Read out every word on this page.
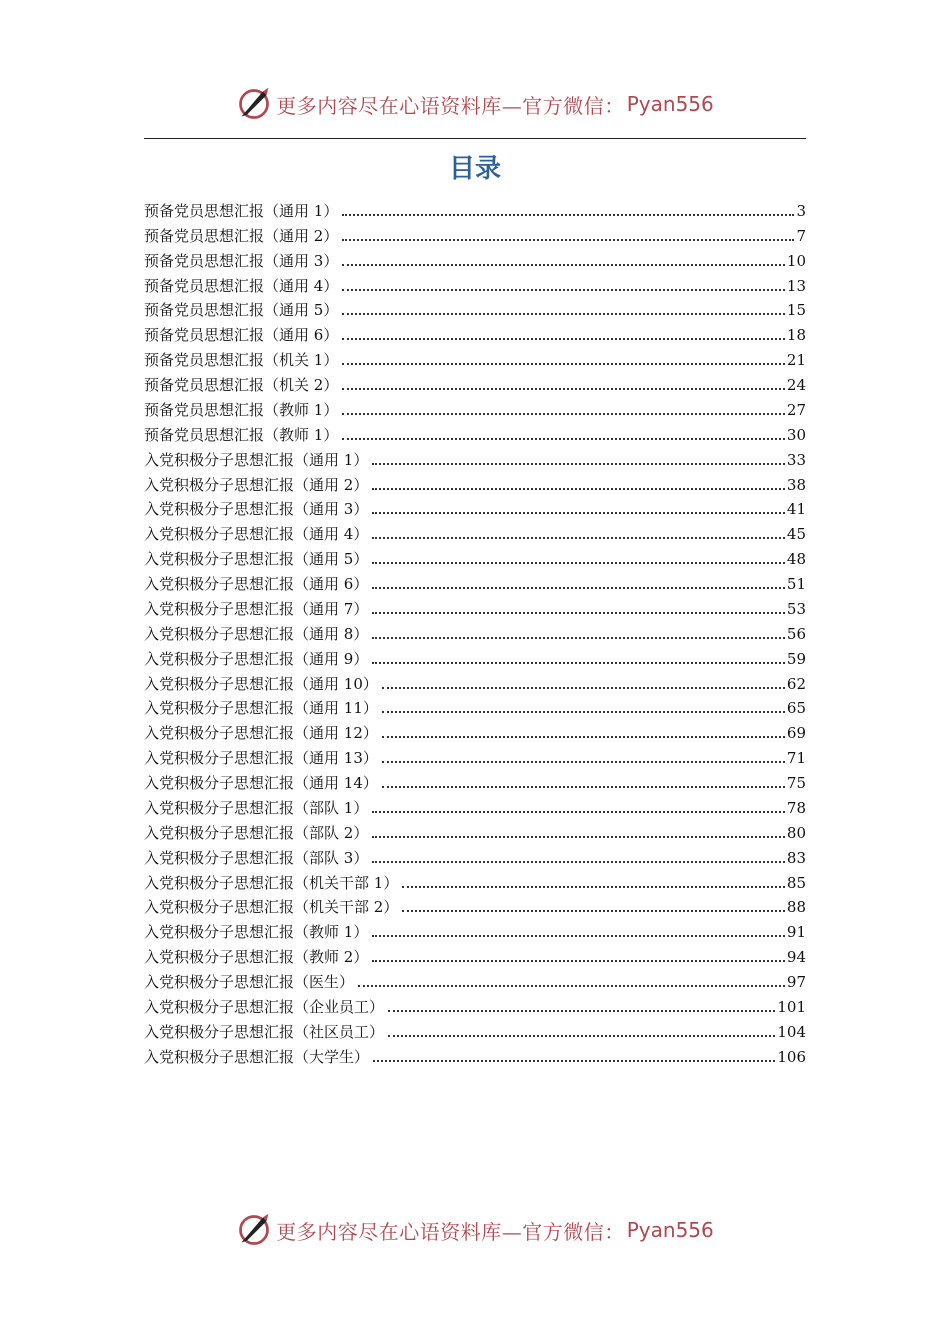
更多内容尽在心语资料库—官方微信： Pyan556
目录
预备党员思想汇报（通用 1）	3
预备党员思想汇报（通用 2）	7
预备党员思想汇报（通用 3）	10
预备党员思想汇报（通用 4）	13
预备党员思想汇报（通用 5）	15
预备党员思想汇报（通用 6）	18
预备党员思想汇报（机关 1）	21
预备党员思想汇报（机关 2）	24
预备党员思想汇报（教师 1）	27
预备党员思想汇报（教师 1）	30
入党积极分子思想汇报（通用 1）	33
入党积极分子思想汇报（通用 2）	38
入党积极分子思想汇报（通用 3）	41
入党积极分子思想汇报（通用 4）	45
入党积极分子思想汇报（通用 5）	48
入党积极分子思想汇报（通用 6）	51
入党积极分子思想汇报（通用 7）	53
入党积极分子思想汇报（通用 8）	56
入党积极分子思想汇报（通用 9）	59
入党积极分子思想汇报（通用 10）	62
入党积极分子思想汇报（通用 11）	65
入党积极分子思想汇报（通用 12）	69
入党积极分子思想汇报（通用 13）	71
入党积极分子思想汇报（通用 14）	75
入党积极分子思想汇报（部队 1）	78
入党积极分子思想汇报（部队 2）	80
入党积极分子思想汇报（部队 3）	83
入党积极分子思想汇报（机关干部 1）	85
入党积极分子思想汇报（机关干部 2）	88
入党积极分子思想汇报（教师 1）	91
入党积极分子思想汇报（教师 2）	94
入党积极分子思想汇报（医生）	97
入党积极分子思想汇报（企业员工）	101
入党积极分子思想汇报（社区员工）	104
入党积极分子思想汇报（大学生）	106
更多内容尽在心语资料库—官方微信： Pyan556
